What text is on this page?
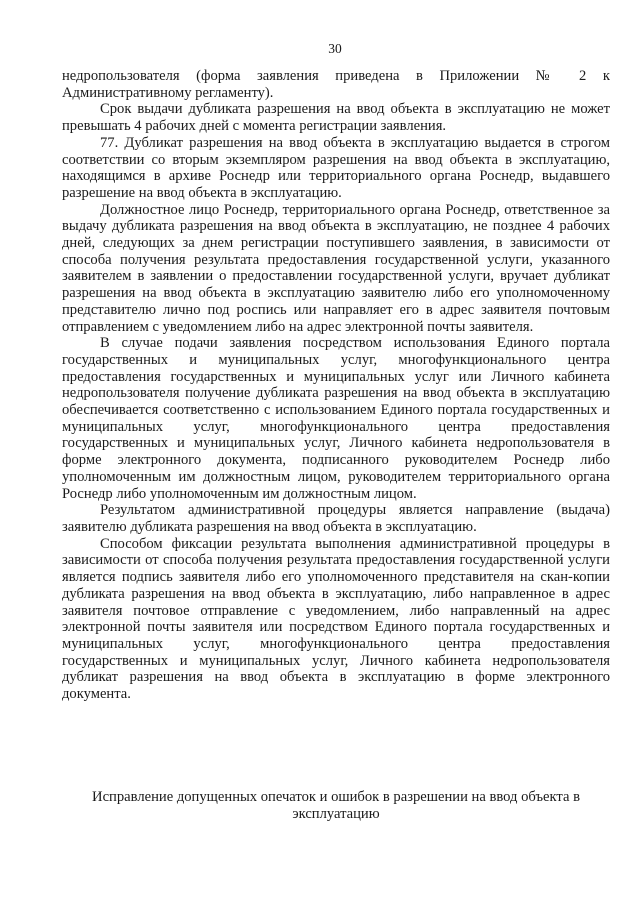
30

недропользователя (форма заявления приведена в Приложении № 2 к Административному регламенту).

Срок выдачи дубликата разрешения на ввод объекта в эксплуатацию не может превышать 4 рабочих дней с момента регистрации заявления.

77. Дубликат разрешения на ввод объекта в эксплуатацию выдается в строгом соответствии со вторым экземпляром разрешения на ввод объекта в эксплуатацию, находящимся в архиве Роснедр или территориального органа Роснедр, выдавшего разрешение на ввод объекта в эксплуатацию.

Должностное лицо Роснедр, территориального органа Роснедр, ответственное за выдачу дубликата разрешения на ввод объекта в эксплуатацию, не позднее 4 рабочих дней, следующих за днем регистрации поступившего заявления, в зависимости от способа получения результата предоставления государственной услуги, указанного заявителем в заявлении о предоставлении государственной услуги, вручает дубликат разрешения на ввод объекта в эксплуатацию заявителю либо его уполномоченному представителю лично под роспись или направляет его в адрес заявителя почтовым отправлением с уведомлением либо на адрес электронной почты заявителя.

В случае подачи заявления посредством использования Единого портала государственных и муниципальных услуг, многофункционального центра предоставления государственных и муниципальных услуг или Личного кабинета недропользователя получение дубликата разрешения на ввод объекта в эксплуатацию обеспечивается соответственно с использованием Единого портала государственных и муниципальных услуг, многофункционального центра предоставления государственных и муниципальных услуг, Личного кабинета недропользователя в форме электронного документа, подписанного руководителем Роснедр либо уполномоченным им должностным лицом, руководителем территориального органа Роснедр либо уполномоченным им должностным лицом.

Результатом административной процедуры является направление (выдача) заявителю дубликата разрешения на ввод объекта в эксплуатацию.

Способом фиксации результата выполнения административной процедуры в зависимости от способа получения результата предоставления государственной услуги является подпись заявителя либо его уполномоченного представителя на скан-копии дубликата разрешения на ввод объекта в эксплуатацию, либо направленное в адрес заявителя почтовое отправление с уведомлением, либо направленный на адрес электронной почты заявителя или посредством Единого портала государственных и муниципальных услуг, многофункционального центра предоставления государственных и муниципальных услуг, Личного кабинета недропользователя дубликат разрешения на ввод объекта в эксплуатацию в форме электронного документа.

Исправление допущенных опечаток и ошибок в разрешении на ввод объекта в эксплуатацию
